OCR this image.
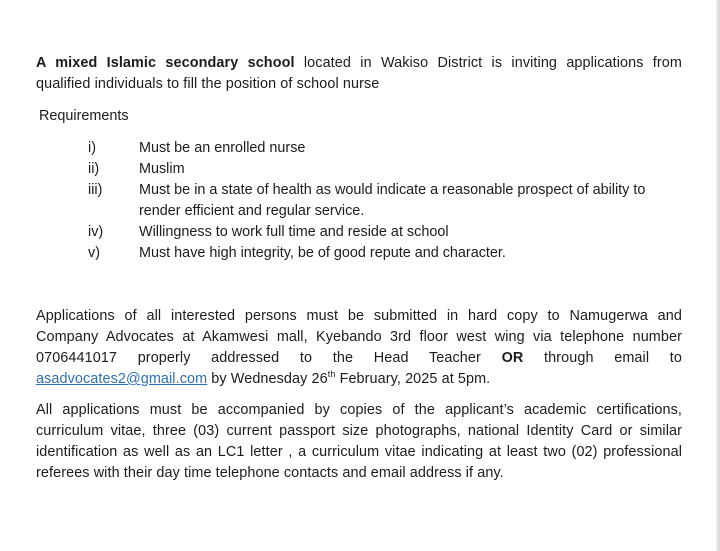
A mixed Islamic secondary school located in Wakiso District is inviting applications from
qualified individuals to fill the position of school nurse
Requirements
i)	Must be an enrolled nurse
ii)	Muslim
iii)	Must be in a state of health as would indicate a reasonable prospect of ability to render efficient and regular service.
iv) Willingness to work full time and reside at school
v)	Must have high integrity, be of good repute and character.
Applications of all interested persons must be submitted in hard copy to Namugerwa and
Company Advocates at Akamwesi mall, Kyebando 3rd floor west wing via telephone number
0706441017 properly addressed to the Head Teacher OR through email to
asadvocates2@gmail.com by Wednesday 26th February, 2025 at 5pm.
All applications must be accompanied by copies of the applicant’s academic certifications,
curriculum vitae, three (03) current passport size photographs, national Identity Card or similar
identification as well as an LC1 letter , a curriculum vitae indicating at least two (02) professional
referees with their day time telephone contacts and email address if any.
